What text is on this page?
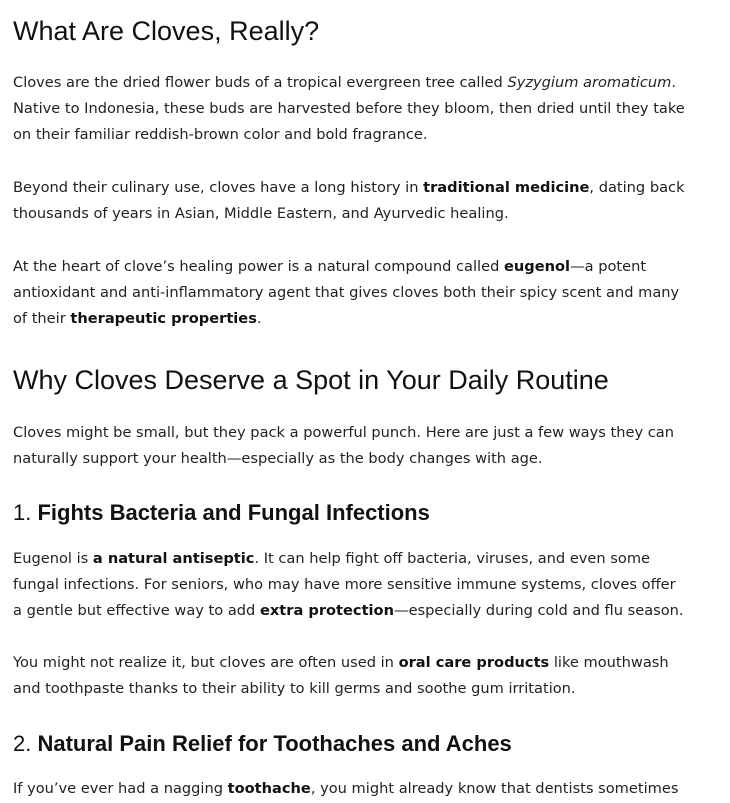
What Are Cloves, Really?

Cloves are the dried flower buds of a tropical evergreen tree called Syzygium aromaticum.
Native to Indonesia, these buds are harvested before they bloom, then dried until they take
on their familiar reddish-brown color and bold fragrance.

Beyond their culinary use, cloves have a long history in traditional medicine, dating back
thousands of years in Asian, Middle Eastern, and Ayurvedic healing.

At the heart of clove’s healing power is a natural compound called eugenol—a potent
antioxidant and anti-inflammatory agent that gives cloves both their spicy scent and many
of their therapeutic properties.

Why Cloves Deserve a Spot in Your Daily Routine

Cloves might be small, but they pack a powerful punch. Here are just a few ways they can
naturally support your health—especially as the body changes with age.

1. Fights Bacteria and Fungal Infections

Eugenol is a natural antiseptic. It can help fight off bacteria, viruses, and even some
fungal infections. For seniors, who may have more sensitive immune systems, cloves offer
a gentle but effective way to add extra protection—especially during cold and flu season.

You might not realize it, but cloves are often used in oral care products like mouthwash
and toothpaste thanks to their ability to kill germs and soothe gum irritation.

2. Natural Pain Relief for Toothaches and Aches

If you’ve ever had a nagging toothache, you might already know that dentists sometimes
